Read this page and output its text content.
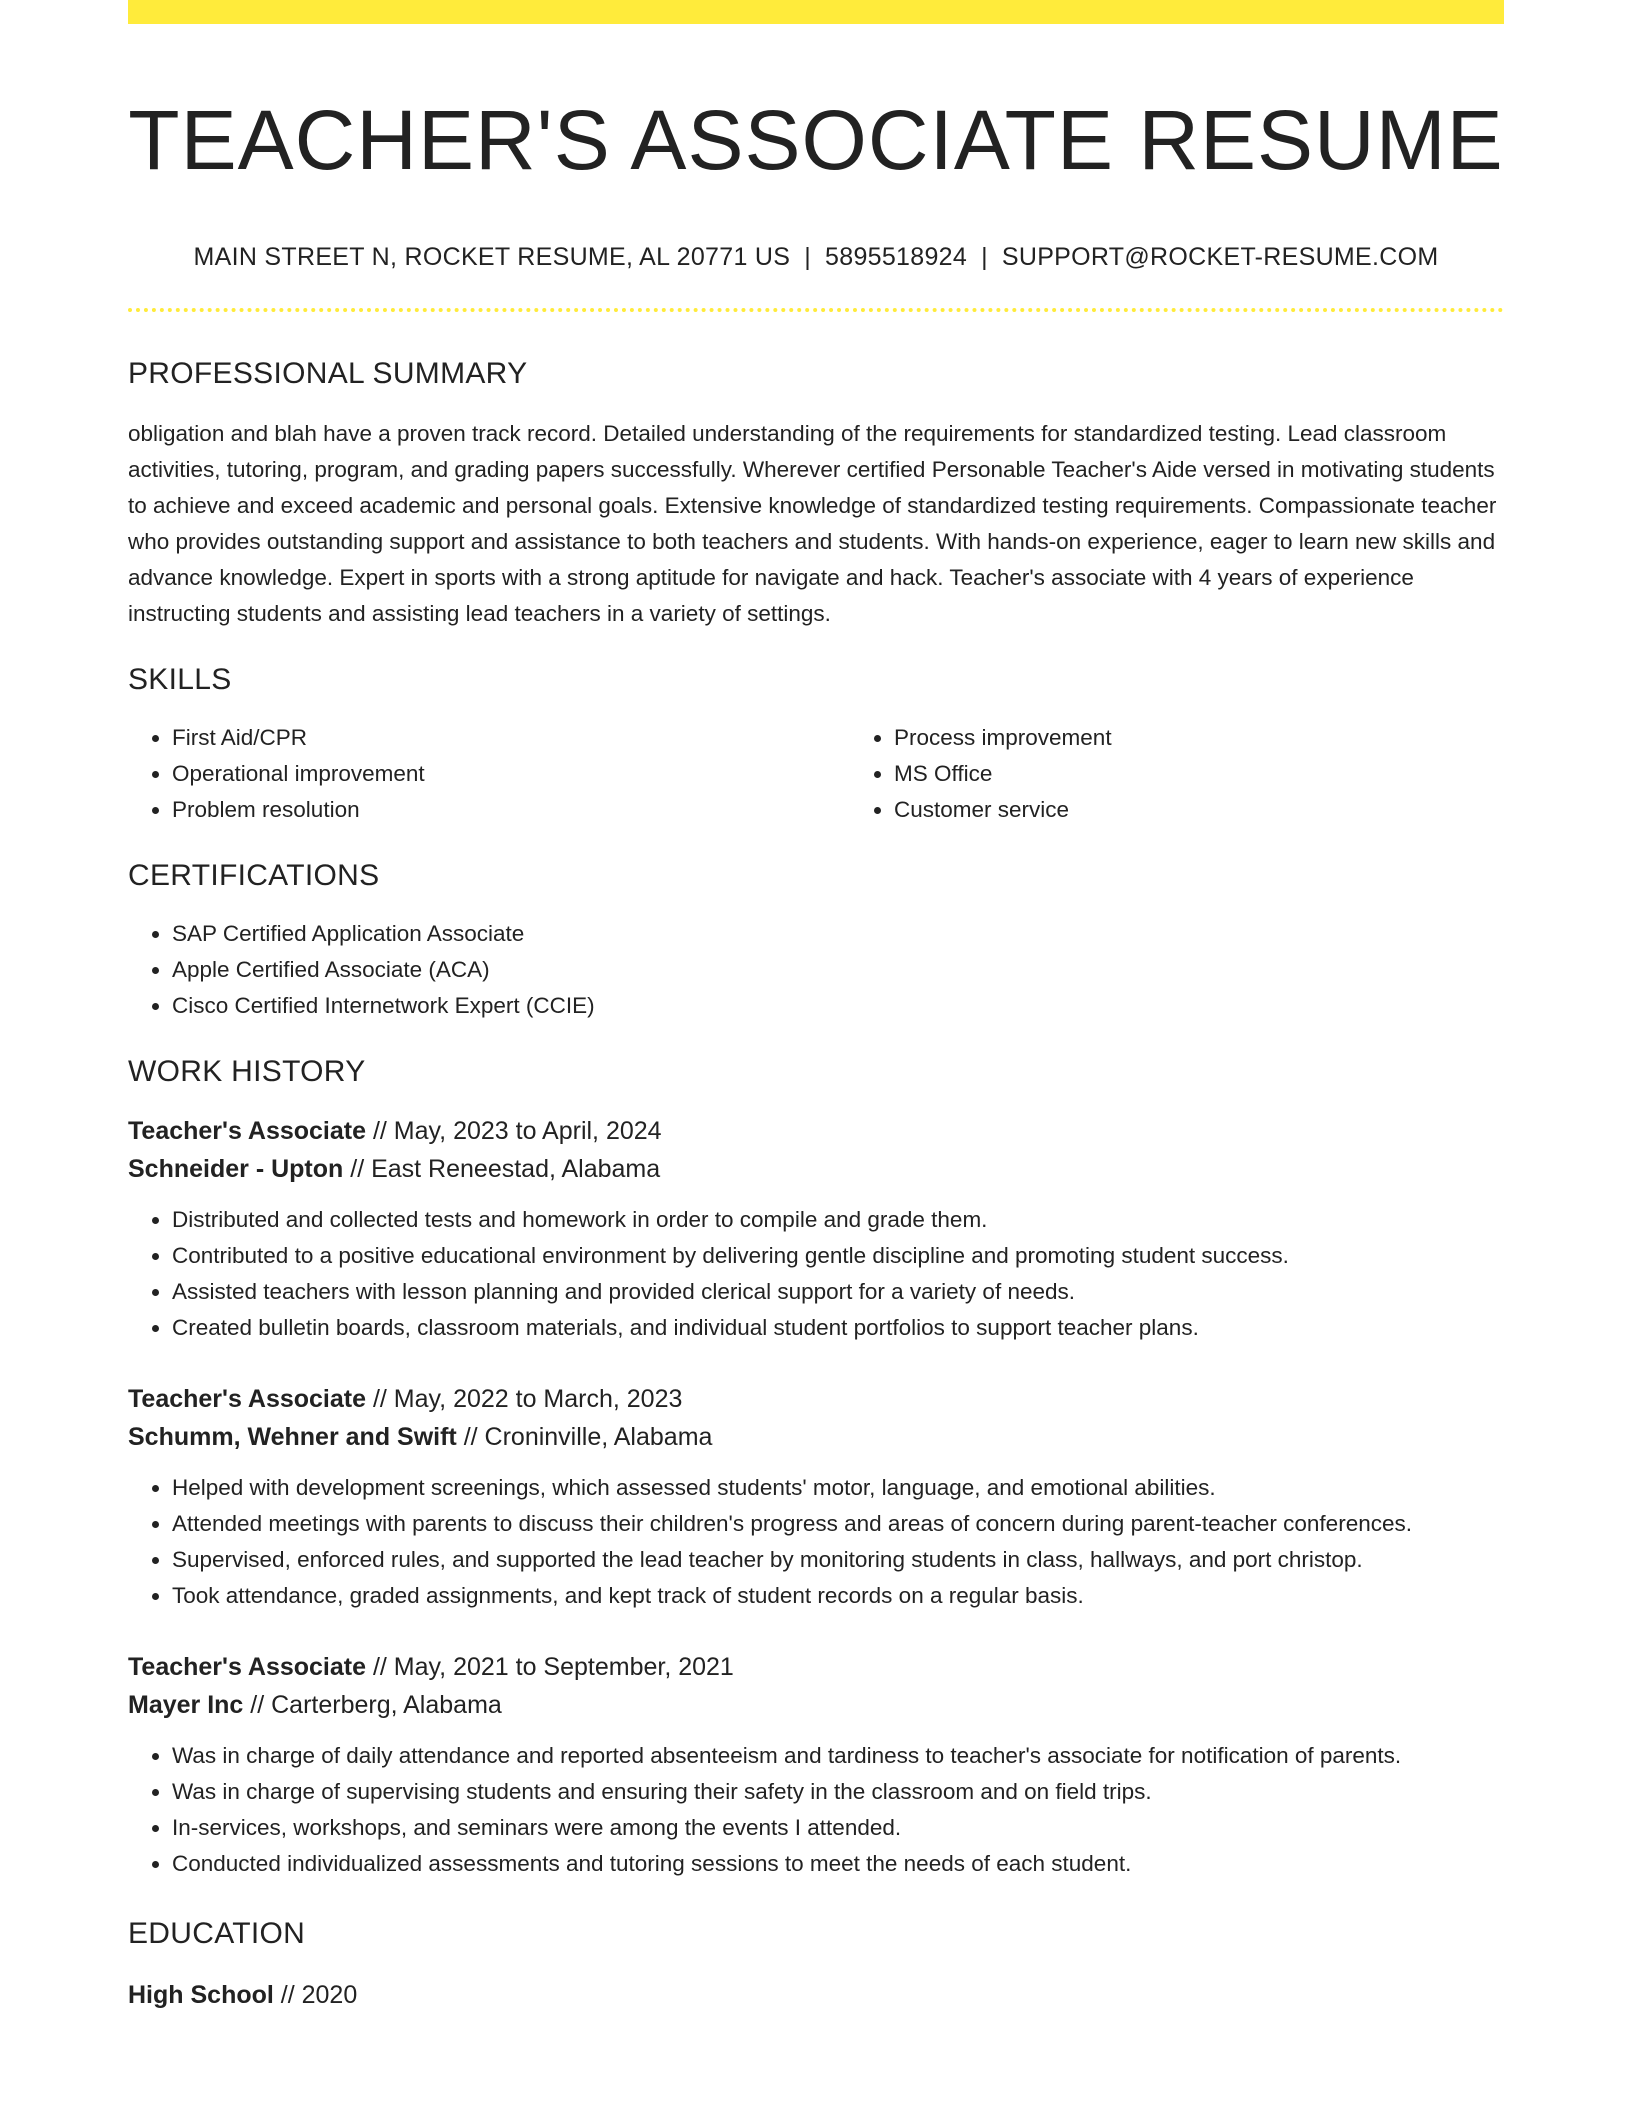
TEACHER'S ASSOCIATE RESUME
MAIN STREET N, ROCKET RESUME, AL 20771 US | 5895518924 | SUPPORT@ROCKET-RESUME.COM
PROFESSIONAL SUMMARY
obligation and blah have a proven track record. Detailed understanding of the requirements for standardized testing. Lead classroom activities, tutoring, program, and grading papers successfully. Wherever certified Personable Teacher's Aide versed in motivating students to achieve and exceed academic and personal goals. Extensive knowledge of standardized testing requirements. Compassionate teacher who provides outstanding support and assistance to both teachers and students. With hands-on experience, eager to learn new skills and advance knowledge. Expert in sports with a strong aptitude for navigate and hack. Teacher's associate with 4 years of experience instructing students and assisting lead teachers in a variety of settings.
SKILLS
• First Aid/CPR
• Operational improvement
• Problem resolution
• Process improvement
• MS Office
• Customer service
CERTIFICATIONS
• SAP Certified Application Associate
• Apple Certified Associate (ACA)
• Cisco Certified Internetwork Expert (CCIE)
WORK HISTORY
Teacher's Associate // May, 2023 to April, 2024
Schneider - Upton // East Reneestad, Alabama
• Distributed and collected tests and homework in order to compile and grade them.
• Contributed to a positive educational environment by delivering gentle discipline and promoting student success.
• Assisted teachers with lesson planning and provided clerical support for a variety of needs.
• Created bulletin boards, classroom materials, and individual student portfolios to support teacher plans.
Teacher's Associate // May, 2022 to March, 2023
Schumm, Wehner and Swift // Croninville, Alabama
• Helped with development screenings, which assessed students' motor, language, and emotional abilities.
• Attended meetings with parents to discuss their children's progress and areas of concern during parent-teacher conferences.
• Supervised, enforced rules, and supported the lead teacher by monitoring students in class, hallways, and port christop.
• Took attendance, graded assignments, and kept track of student records on a regular basis.
Teacher's Associate // May, 2021 to September, 2021
Mayer Inc // Carterberg, Alabama
• Was in charge of daily attendance and reported absenteeism and tardiness to teacher's associate for notification of parents.
• Was in charge of supervising students and ensuring their safety in the classroom and on field trips.
• In-services, workshops, and seminars were among the events I attended.
• Conducted individualized assessments and tutoring sessions to meet the needs of each student.
EDUCATION
High School // 2020
